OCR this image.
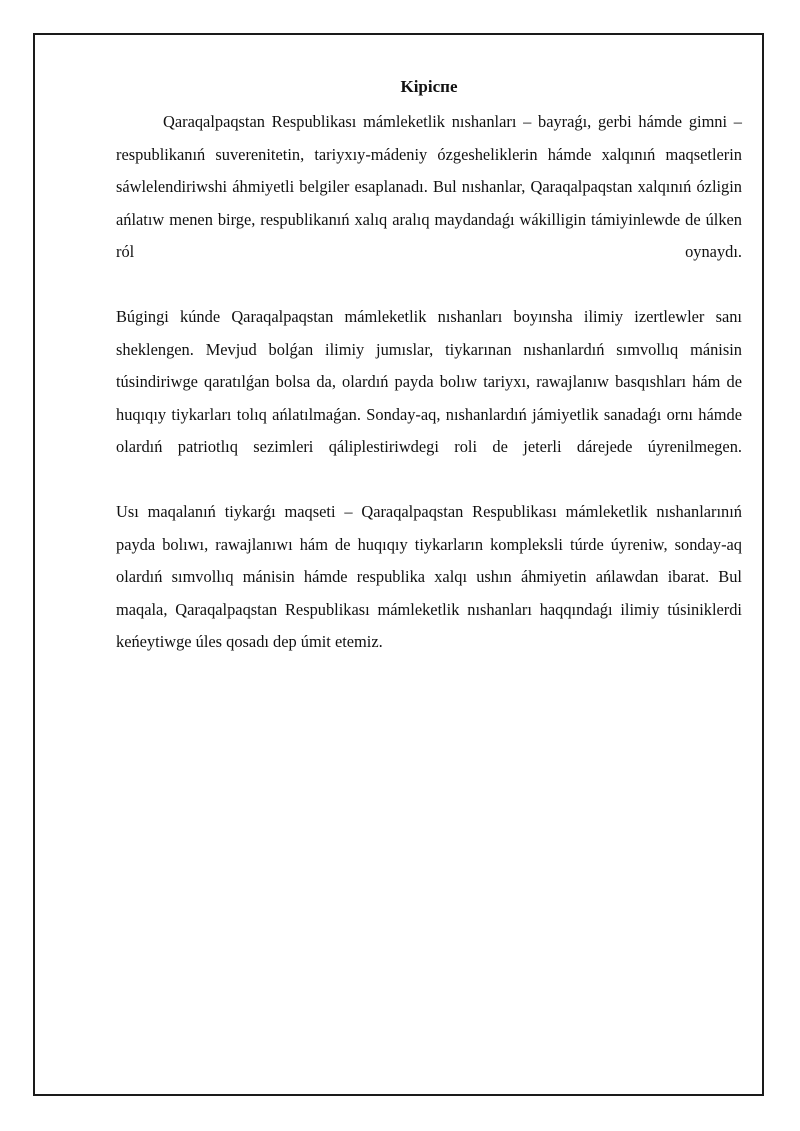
Kipiспе

Qaraqalpaqstan Respublikası mámleketlik nıshanları – bayraǵı, gerbi hámde gimni – respublikanıń suverenitetin, tariyxıy-mádeniy ózgesheliklerin hámde xalqınıń maqsetlerin sáwlelendiriwshi áhmiyetli belgiler esaplanadı. Bul nıshanlar, Qaraqalpaqstan xalqınıń ózligin ańlatıw menen birge, respublikanıń xalıq aralıq maydandaǵı wákilligin támiyinlewde de úlken ról oynaydı.

Búgingi kúnde Qaraqalpaqstan mámleketlik nıshanları boyınsha ilimiy izertlewler sanı sheklengen. Mevjud bolǵan ilimiy jumıslar, tiykarınan nıshanlardıń sımvollıq mánisin túsindiriwge qaratılǵan bolsa da, olardıń payda bolıw tariyxı, rawajlanıw basqıshları hám de huqıqıy tiykarları tolıq ańlatılmaǵan. Sonday-aq, nıshanlardıń jámiyetlik sanadaǵı ornı hámde olardıń patriotlıq sezimleri qáliplestiriwdegi roli de jeterli dárejede úyrenilmegen.

Usı maqalanıń tiykarǵı maqseti – Qaraqalpaqstan Respublikası mámleketlik nıshanlarınıń payda bolıwı, rawajlanıwı hám de huqıqıy tiykarların kompleksli túrde úyreniw, sonday-aq olardıń sımvollıq mánisin hámde respublika xalqı ushın áhmiyetin ańlawdan ibarat. Bul maqala, Qaraqalpaqstan Respublikası mámleketlik nıshanları haqqındaǵı ilimiy túsiniklerdi keńeytiwge úles qosadı dep úmit etemiz.
